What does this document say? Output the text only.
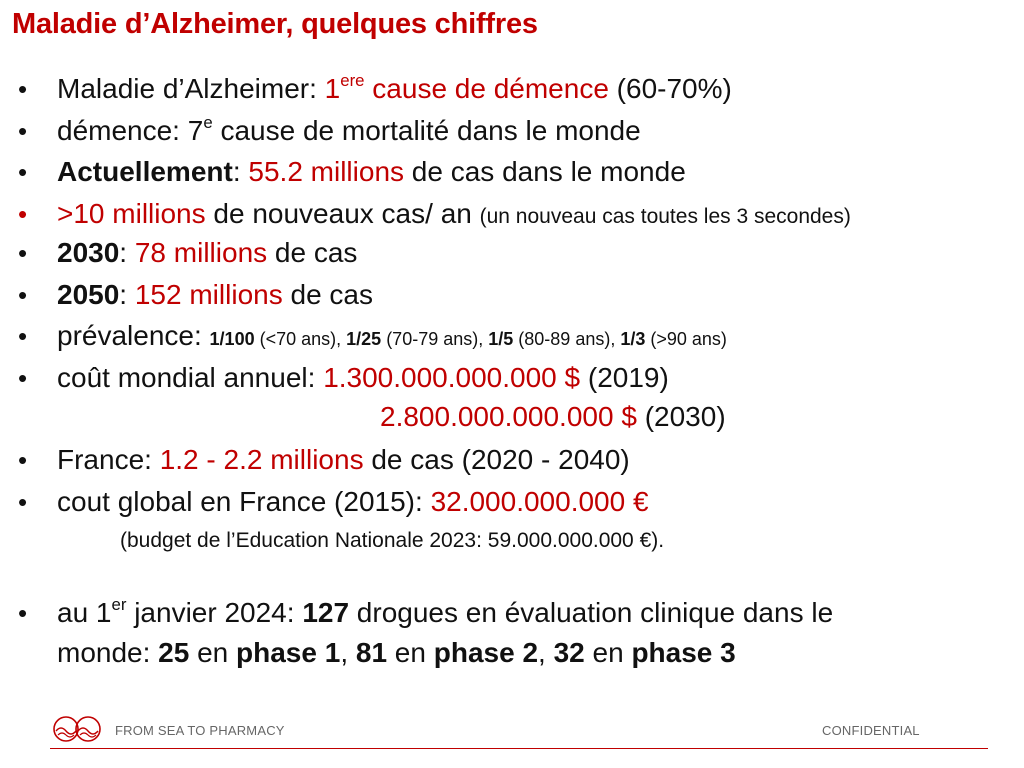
Maladie d’Alzheimer, quelques chiffres
• Maladie d’Alzheimer: 1ere cause de démence (60-70%)
• démence: 7e cause de mortalité dans le monde
• Actuellement: 55.2 millions de cas dans le monde
• >10 millions de nouveaux cas/ an (un nouveau cas toutes les 3 secondes)
• 2030: 78 millions de cas
• 2050: 152 millions de cas
• prévalence: 1/100 (<70 ans), 1/25 (70-79 ans), 1/5 (80-89 ans), 1/3 (>90 ans)
• coût mondial annuel: 1.300.000.000.000 $ (2019)
2.800.000.000.000 $ (2030)
• France: 1.2 - 2.2 millions de cas (2020 - 2040)
• cout global en France (2015): 32.000.000.000 €
(budget de l’Education Nationale 2023: 59.000.000.000 €).
• au 1er janvier 2024: 127 drogues en évaluation clinique dans le
monde: 25 en phase 1, 81 en phase 2, 32 en phase 3
FROM SEA TO PHARMACY	CONFIDENTIAL
